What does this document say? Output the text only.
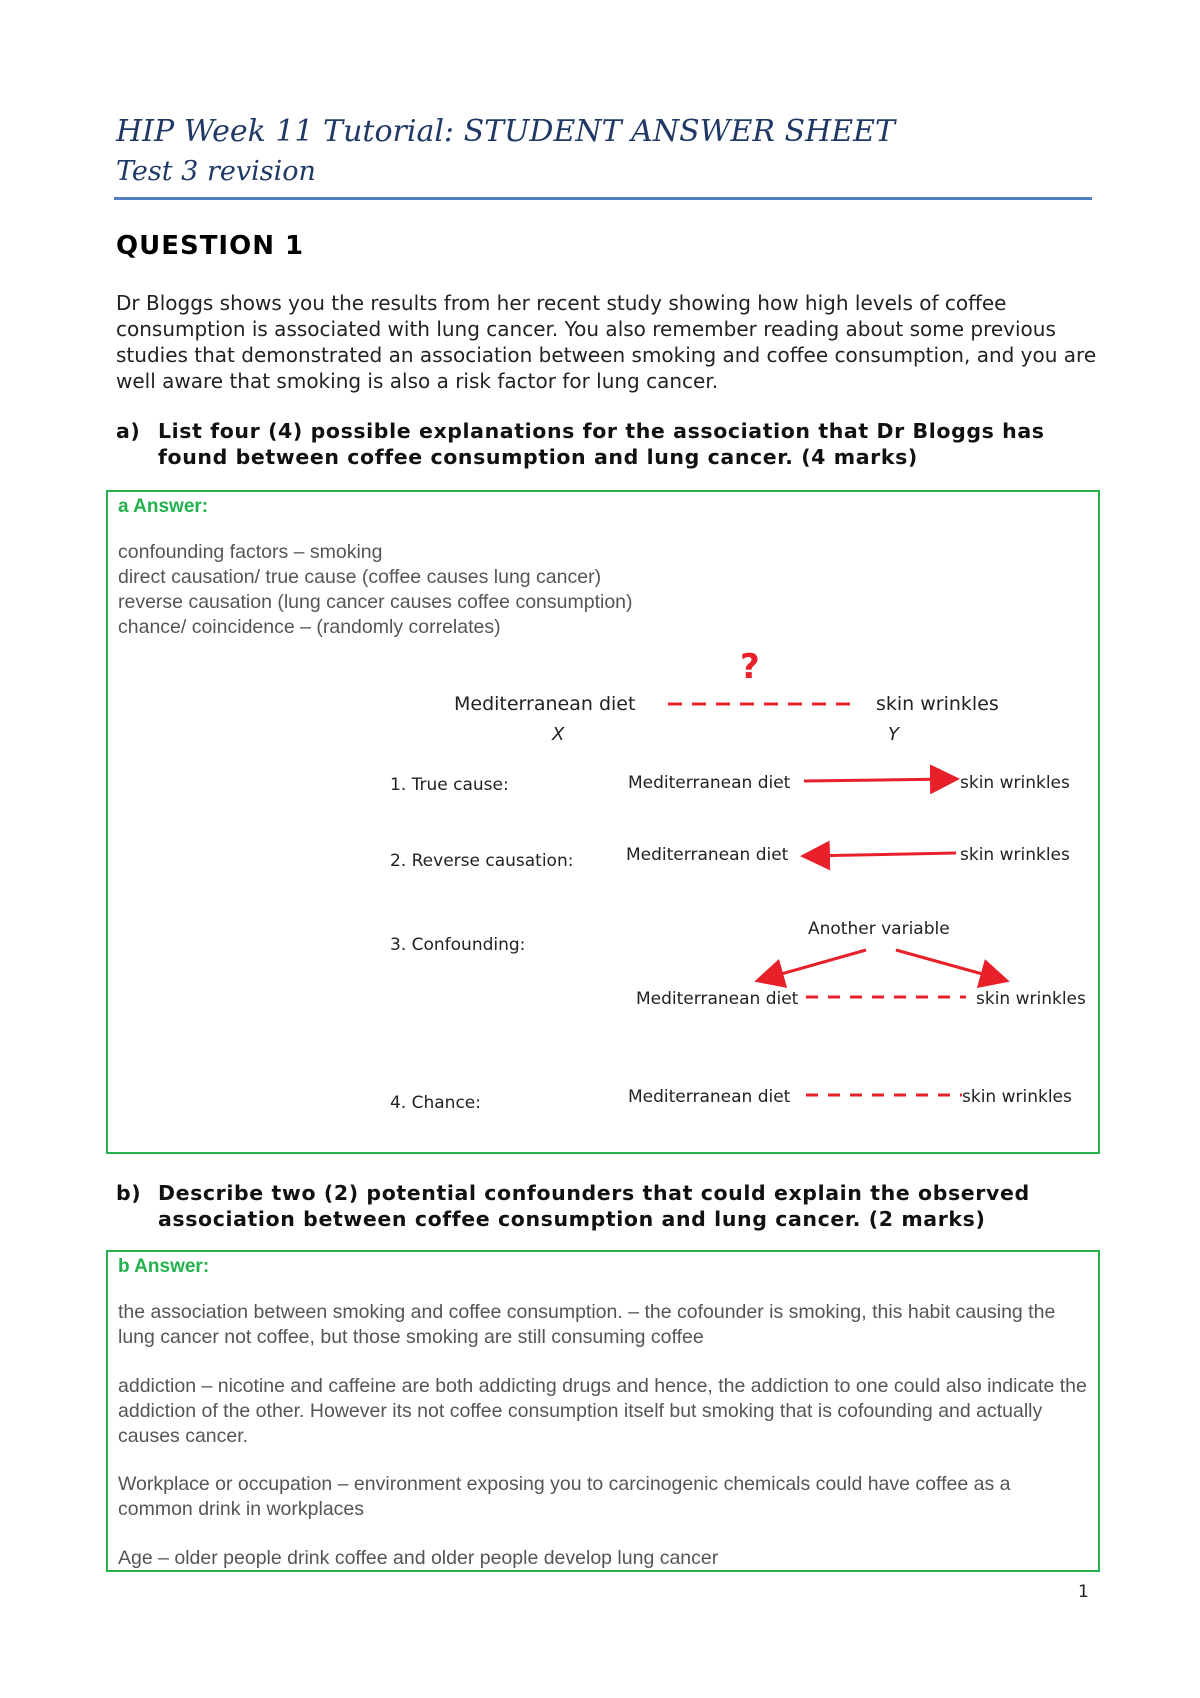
HIP Week 11 Tutorial: STUDENT ANSWER SHEET
Test 3 revision
QUESTION 1

Dr Bloggs shows you the results from her recent study showing how high levels of coffee consumption is associated with lung cancer. You also remember reading about some previous studies that demonstrated an association between smoking and coffee consumption, and you are well aware that smoking is also a risk factor for lung cancer.

a) List four (4) possible explanations for the association that Dr Bloggs has
found between coffee consumption and lung cancer. (4 marks)
a Answer:
confounding factors – smoking
direct causation/ true cause (coffee causes lung cancer)
reverse causation (lung cancer causes coffee consumption)
chance/ coincidence – (randomly correlates)
?
Mediterranean diet	skin wrinkles
X	Y
1. True cause:	Mediterranean diet	skin wrinkles
2. Reverse causation:	Mediterranean diet	skin wrinkles
3. Confounding:
Another variable
Mediterranean diet	skin wrinkles
4. Chance:	Mediterranean diet	skin wrinkles
b) Describe two (2) potential confounders that could explain the observed
association between coffee consumption and lung cancer. (2 marks)
b Answer:

the association between smoking and coffee consumption. – the cofounder is smoking, this habit causing the lung cancer not coffee, but those smoking are still consuming coffee

addiction – nicotine and caffeine are both addicting drugs and hence, the addiction to one could also indicate the addiction of the other. However its not coffee consumption itself but smoking that is cofounding and actually causes cancer.

Workplace or occupation – environment exposing you to carcinogenic chemicals could have coffee as a common drink in workplaces

Age – older people drink coffee and older people develop lung cancer

1
